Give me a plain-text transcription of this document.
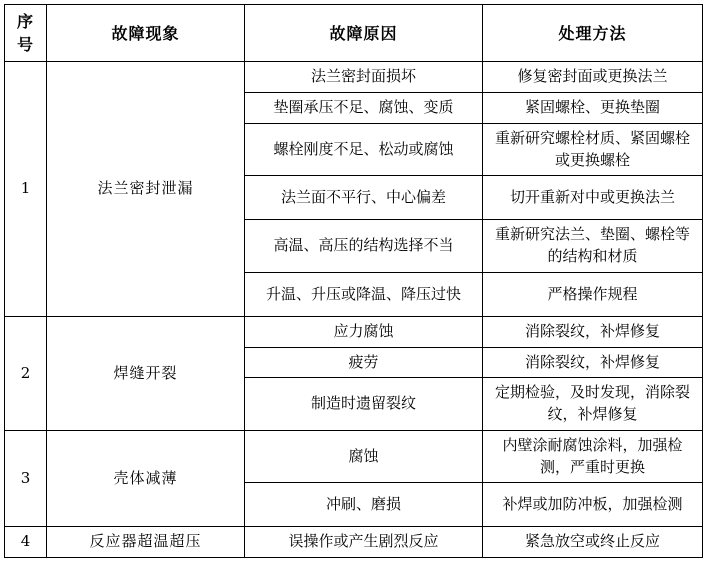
序号	故障现象	故障原因	处理方法
1	法兰密封泄漏	法兰密封面损坏	修复密封面或更换法兰
		垫圈承压不足、腐蚀、变质	紧固螺栓、更换垫圈
		螺栓刚度不足、松动或腐蚀	重新研究螺栓材质、紧固螺栓或更换螺栓
		法兰面不平行、中心偏差	切开重新对中或更换法兰
		高温、高压的结构选择不当	重新研究法兰、垫圈、螺栓等的结构和材质
		升温、升压或降温、降压过快	严格操作规程
2	焊缝开裂	应力腐蚀	消除裂纹，补焊修复
		疲劳	消除裂纹，补焊修复
		制造时遗留裂纹	定期检验，及时发现，消除裂纹，补焊修复
3	壳体减薄	腐蚀	内壁涂耐腐蚀涂料，加强检测，严重时更换
		冲刷、磨损	补焊或加防冲板，加强检测
4	反应器超温超压	误操作或产生剧烈反应	紧急放空或终止反应
